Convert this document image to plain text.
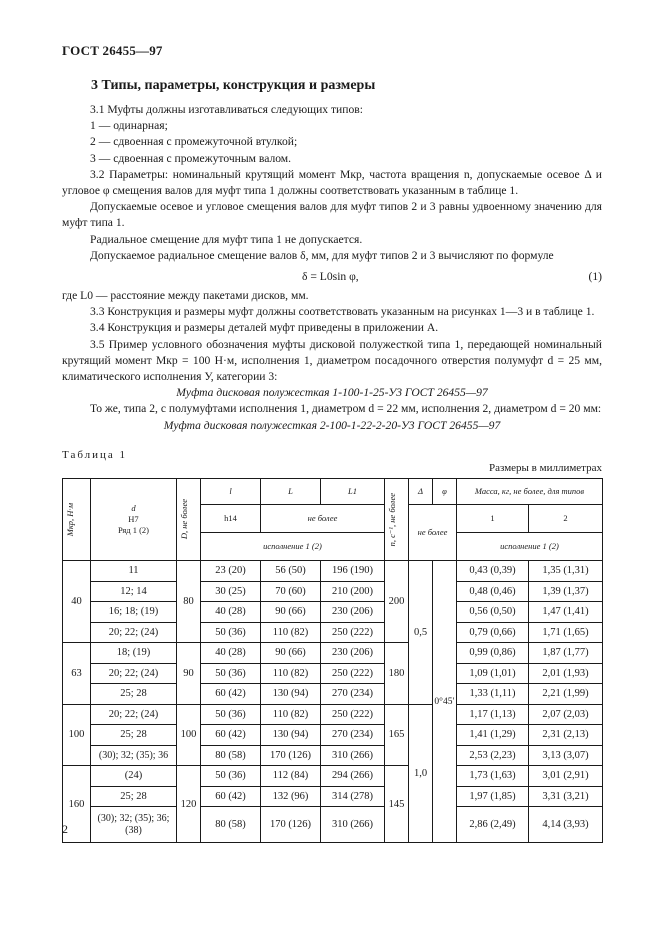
ГОСТ 26455—97
3 Типы, параметры, конструкция и размеры

3.1 Муфты должны изготавливаться следующих типов:

1 — одинарная;

2 — сдвоенная с промежуточной втулкой;

3 — сдвоенная с промежуточным валом.

3.2 Параметры: номинальный крутящий момент Mкр, частота вращения n, допускаемые осевое Δ и угловое φ смещения валов для муфт типа 1 должны соответствовать указанным в таблице 1.

Допускаемые осевое и угловое смещения валов для муфт типов 2 и 3 равны удвоенному значению для муфт типа 1.

Радиальное смещение для муфт типа 1 не допускается.

Допускаемое радиальное смещение валов δ, мм, для муфт типов 2 и 3 вычисляют по формуле

δ = L0sin φ,	(1)

где L0 — расстояние между пакетами дисков, мм.

3.3 Конструкция и размеры муфт должны соответствовать указанным на рисунках 1—3 и в таблице 1.

3.4 Конструкция и размеры деталей муфт приведены в приложении А.

3.5 Пример условного обозначения муфты дисковой полужесткой типа 1, передающей номинальный крутящий момент Mкр = 100 Н·м, исполнения 1, диаметром посадочного отверстия полумуфт d = 25 мм, климатического исполнения У, категории 3:

Муфта дисковая полужесткая 1-100-1-25-У3 ГОСТ 26455—97

То же, типа 2, с полумуфтами исполнения 1, диаметром d = 22 мм, исполнения 2, диаметром d = 20 мм:

Муфта дисковая полужесткая 2-100-1-22-2-20-У3 ГОСТ 26455—97

Таблица 1
Размеры в миллиметрах
Mкр, Н·м	d
H7
Ряд 1 (2)	D, не более	l	L	L1	n, с⁻¹, не более	Δ	φ	Масса, кг, не более, для типов	

			h14	не более			не более		1	2

			исполнение 1 (2)						исполнение 1 (2)	

40	11	80	23 (20)	56 (50)	196 (190)	200	0,5	0°45′	0,43 (0,39)	1,35 (1,31)
	12; 14		30 (25)	70 (60)	210 (200)				0,48 (0,46)	1,39 (1,37)
	16; 18; (19)		40 (28)	90 (66)	230 (206)				0,56 (0,50)	1,47 (1,41)
	20; 22; (24)		50 (36)	110 (82)	250 (222)				0,79 (0,66)	1,71 (1,65)
63	18; (19)	90	40 (28)	90 (66)	230 (206)	180			0,99 (0,86)	1,87 (1,77)
	20; 22; (24)		50 (36)	110 (82)	250 (222)				1,09 (1,01)	2,01 (1,93)
	25; 28		60 (42)	130 (94)	270 (234)				1,33 (1,11)	2,21 (1,99)
100	20; 22; (24)	100	50 (36)	110 (82)	250 (222)	165	1,0		1,17 (1,13)	2,07 (2,03)
	25; 28		60 (42)	130 (94)	270 (234)				1,41 (1,29)	2,31 (2,13)
	(30); 32; (35); 36		80 (58)	170 (126)	310 (266)				2,53 (2,23)	3,13 (3,07)
160	(24)	120	50 (36)	112 (84)	294 (266)	145			1,73 (1,63)	3,01 (2,91)
	25; 28		60 (42)	132 (96)	314 (278)				1,97 (1,85)	3,31 (3,21)
	(30); 32; (35); 36; (38)		80 (58)	170 (126)	310 (266)				2,86 (2,49)	4,14 (3,93)
2
